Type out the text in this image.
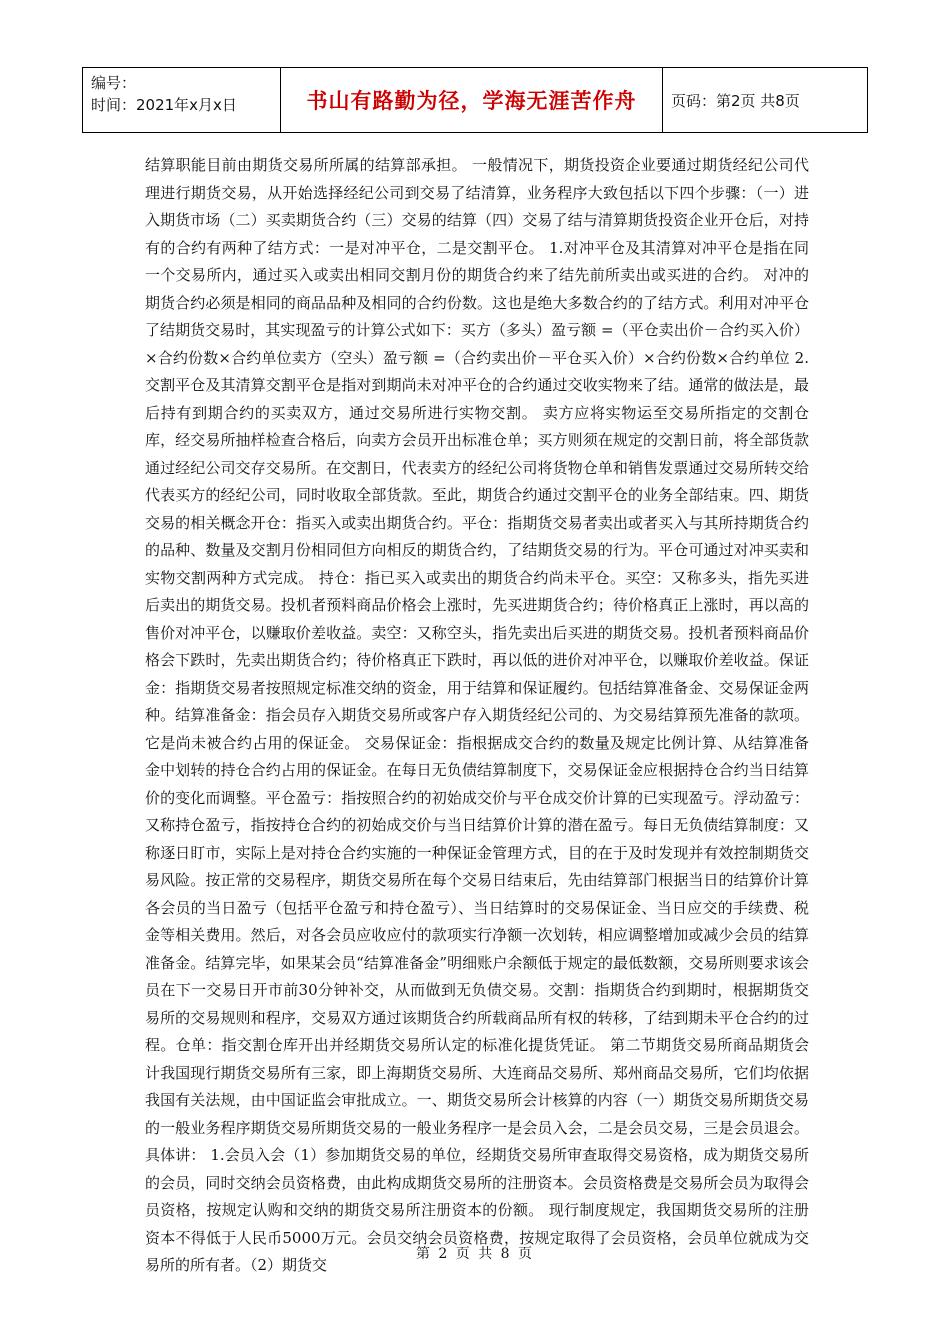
编号：
时间：2021年x月x日	书山有路勤为径，学海无涯苦作舟	页码：第2页 共8页

结算职能目前由期货交易所所属的结算部承担。 一般情况下，期货投资企业要通过期货经纪公司代理进行期货交易，从开始选择经纪公司到交易了结清算，业务程序大致包括以下四个步骤：（一）进入期货市场（二）买卖期货合约（三）交易的结算（四）交易了结与清算期货投资企业开仓后，对持有的合约有两种了结方式：一是对冲平仓，二是交割平仓。 1.对冲平仓及其清算对冲平仓是指在同一个交易所内，通过买入或卖出相同交割月份的期货合约来了结先前所卖出或买进的合约。 对冲的期货合约必须是相同的商品品种及相同的合约份数。这也是绝大多数合约的了结方式。利用对冲平仓了结期货交易时，其实现盈亏的计算公式如下：买方（多头）盈亏额 =（平仓卖出价－合约买入价）×合约份数×合约单位卖方（空头）盈亏额 =（合约卖出价－平仓买入价）×合约份数×合约单位 2.交割平仓及其清算交割平仓是指对到期尚未对冲平仓的合约通过交收实物来了结。通常的做法是，最后持有到期合约的买卖双方，通过交易所进行实物交割。 卖方应将实物运至交易所指定的交割仓库，经交易所抽样检查合格后，向卖方会员开出标准仓单；买方则须在规定的交割日前，将全部货款通过经纪公司交存交易所。在交割日，代表卖方的经纪公司将货物仓单和销售发票通过交易所转交给代表买方的经纪公司，同时收取全部货款。至此，期货合约通过交割平仓的业务全部结束。四、期货交易的相关概念开仓：指买入或卖出期货合约。平仓：指期货交易者卖出或者买入与其所持期货合约的品种、数量及交割月份相同但方向相反的期货合约，了结期货交易的行为。平仓可通过对冲买卖和实物交割两种方式完成。 持仓：指已买入或卖出的期货合约尚未平仓。买空：又称多头，指先买进后卖出的期货交易。投机者预料商品价格会上涨时，先买进期货合约；待价格真正上涨时，再以高的售价对冲平仓，以赚取价差收益。卖空：又称空头，指先卖出后买进的期货交易。投机者预料商品价格会下跌时，先卖出期货合约；待价格真正下跌时，再以低的进价对冲平仓，以赚取价差收益。保证金：指期货交易者按照规定标准交纳的资金，用于结算和保证履约。包括结算准备金、交易保证金两种。结算准备金：指会员存入期货交易所或客户存入期货经纪公司的、为交易结算预先准备的款项。它是尚未被合约占用的保证金。 交易保证金：指根据成交合约的数量及规定比例计算、从结算准备金中划转的持仓合约占用的保证金。在每日无负债结算制度下，交易保证金应根据持仓合约当日结算价的变化而调整。平仓盈亏：指按照合约的初始成交价与平仓成交价计算的已实现盈亏。浮动盈亏：又称持仓盈亏，指按持仓合约的初始成交价与当日结算价计算的潜在盈亏。每日无负债结算制度：又称逐日盯市，实际上是对持仓合约实施的一种保证金管理方式，目的在于及时发现并有效控制期货交易风险。按正常的交易程序，期货交易所在每个交易日结束后，先由结算部门根据当日的结算价计算各会员的当日盈亏（包括平仓盈亏和持仓盈亏）、当日结算时的交易保证金、当日应交的手续费、税金等相关费用。然后，对各会员应收应付的款项实行净额一次划转，相应调整增加或减少会员的结算准备金。结算完毕，如果某会员“结算准备金”明细账户余额低于规定的最低数额，交易所则要求该会员在下一交易日开市前30分钟补交，从而做到无负债交易。交割：指期货合约到期时，根据期货交易所的交易规则和程序，交易双方通过该期货合约所载商品所有权的转移，了结到期未平仓合约的过程。仓单：指交割仓库开出并经期货交易所认定的标准化提货凭证。 第二节期货交易所商品期货会计我国现行期货交易所有三家，即上海期货交易所、大连商品交易所、郑州商品交易所，它们均依据我国有关法规，由中国证监会审批成立。一、期货交易所会计核算的内容（一）期货交易所期货交易的一般业务程序期货交易所期货交易的一般业务程序一是会员入会，二是会员交易，三是会员退会。具体讲： 1.会员入会（1）参加期货交易的单位，经期货交易所审查取得交易资格，成为期货交易所的会员，同时交纳会员资格费，由此构成期货交易所的注册资本。会员资格费是交易所会员为取得会员资格，按规定认购和交纳的期货交易所注册资本的份额。 现行制度规定，我国期货交易所的注册资本不得低于人民币5000万元。会员交纳会员资格费，按规定取得了会员资格，会员单位就成为交易所的所有者。（2）期货交

第 2 页 共 8 页
